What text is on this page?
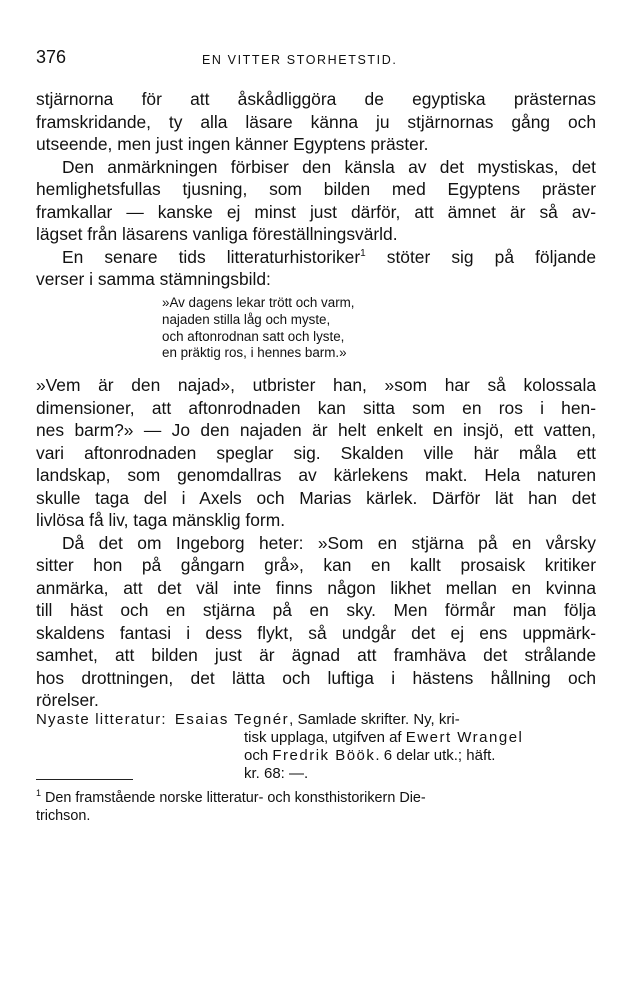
376	EN VITTER STORHETSTID.
stjärnorna för att åskådliggöra de egyptiska prästernas
framskridande, ty alla läsare känna ju stjärnornas gång och
utseende, men just ingen känner Egyptens präster.
Den anmärkningen förbiser den känsla av det mystiskas, det
hemlighetsfullas tjusning, som bilden med Egyptens präster
framkallar — kanske ej minst just därför, att ämnet är så av-
lägset från läsarens vanliga föreställningsvärld.
En senare tids litteraturhistoriker$^1$ stöter sig på följande
verser i samma stämningsbild:
»Av dagens lekar trött och varm,
najaden stilla låg och myste,
och aftonrodnan satt och lyste,
en präktig ros, i hennes barm.»
»Vem är den najad», utbrister han, »som har så kolossala
dimensioner, att aftonrodnaden kan sitta som en ros i hen-
nes barm?» — Jo den najaden är helt enkelt en insjö, ett vatten,
vari aftonrodnaden speglar sig. Skalden ville här måla ett
landskap, som genomdallras av kärlekens makt. Hela naturen
skulle taga del i Axels och Marias kärlek. Därför lät han det
livlösa få liv, taga mänsklig form.
Då det om Ingeborg heter: »Som en stjärna på en vårsky
sitter hon på gångarn grå», kan en kallt prosaisk kritiker
anmärka, att det väl inte finns någon likhet mellan en kvinna
till häst och en stjärna på en sky. Men förmår man följa
skaldens fantasi i dess flykt, så undgår det ej ens uppmärk-
samhet, att bilden just är ägnad att framhäva det strålande
hos drottningen, det lätta och luftiga i hästens hållning och
rörelser.
Nyaste litteratur: Esaias Tegnér, Samlade skrifter. Ny, kri-
tisk upplaga, utgifven af Ewert Wrangel
och Fredrik Böök. 6 delar utk.; häft.
kr. 68: —.
$^1$ Den framstående norske litteratur- och konsthistorikern Die-
trichson.
